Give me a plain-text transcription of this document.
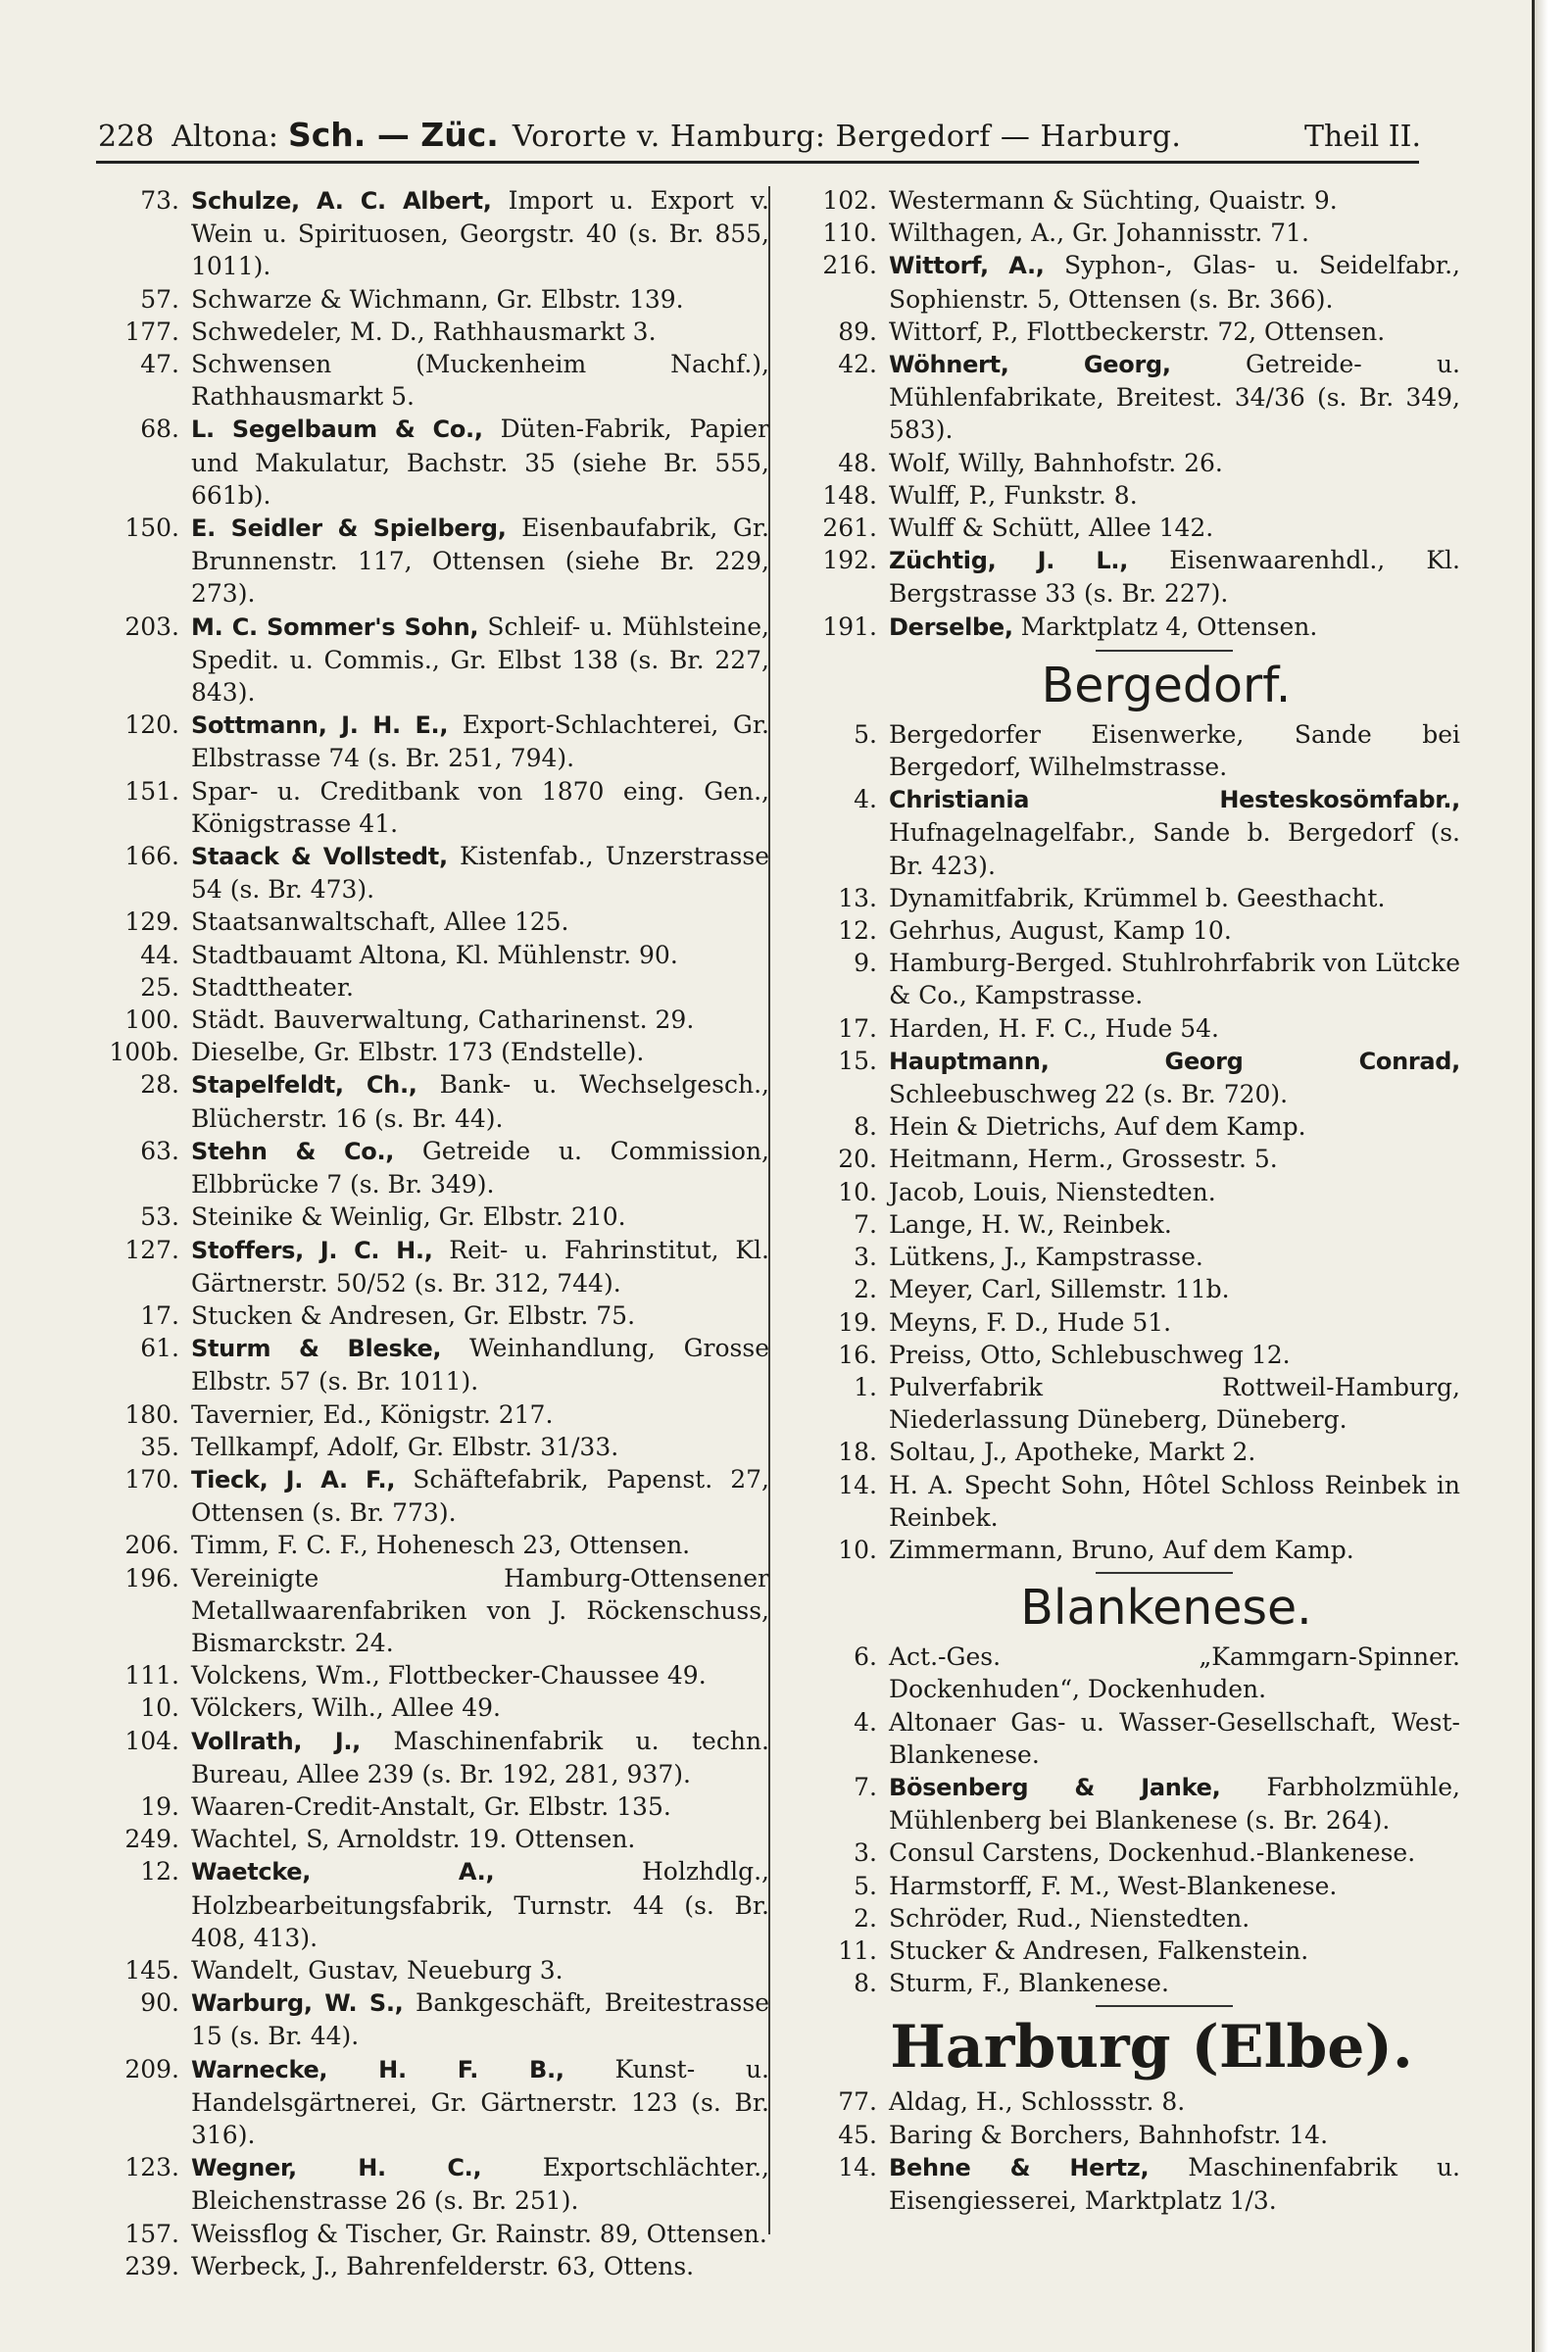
228 Altona: Sch. — Züc. Vororte v. Hamburg: Bergedorf — Harburg.	Theil II.
73. Schulze, A. C. Albert, Import u. Export v. Wein u. Spirituosen, Georgstr. 40 (s. Br. 855, 1011).
57. Schwarze & Wichmann, Gr. Elbstr. 139.
177. Schwedeler, M. D., Rathhausmarkt 3.
47. Schwensen (Muckenheim Nachf.), Rathhausmarkt 5.
68. L. Segelbaum & Co., Düten-Fabrik, Papier und Makulatur, Bachstr. 35 (siehe Br. 555, 661b).
150. E. Seidler & Spielberg, Eisenbaufabrik, Gr. Brunnenstr. 117, Ottensen (siehe Br. 229, 273).
203. M. C. Sommer's Sohn, Schleif- u. Mühlsteine, Spedit. u. Commis., Gr. Elbst 138 (s. Br. 227, 843).
120. Sottmann, J. H. E., Export-Schlachterei, Gr. Elbstrasse 74 (s. Br. 251, 794).
151. Spar- u. Creditbank von 1870 eing. Gen., Königstrasse 41.
166. Staack & Vollstedt, Kistenfab., Unzerstrasse 54 (s. Br. 473).
129. Staatsanwaltschaft, Allee 125.
44. Stadtbauamt Altona, Kl. Mühlenstr. 90.
25. Stadttheater.
100. Städt. Bauverwaltung, Catharinenst. 29.
100b. Dieselbe, Gr. Elbstr. 173 (Endstelle).
28. Stapelfeldt, Ch., Bank- u. Wechselgesch., Blücherstr. 16 (s. Br. 44).
63. Stehn & Co., Getreide u. Commission, Elbbrücke 7 (s. Br. 349).
53. Steinike & Weinlig, Gr. Elbstr. 210.
127. Stoffers, J. C. H., Reit- u. Fahrinstitut, Kl. Gärtnerstr. 50/52 (s. Br. 312, 744).
17. Stucken & Andresen, Gr. Elbstr. 75.
61. Sturm & Bleske, Weinhandlung, Grosse Elbstr. 57 (s. Br. 1011).
180. Tavernier, Ed., Königstr. 217.
35. Tellkampf, Adolf, Gr. Elbstr. 31/33.
170. Tieck, J. A. F., Schäftefabrik, Papenst. 27, Ottensen (s. Br. 773).
206. Timm, F. C. F., Hohenesch 23, Ottensen.
196. Vereinigte Hamburg-Ottensener Metallwaarenfabriken von J. Röckenschuss, Bismarckstr. 24.
111. Volckens, Wm., Flottbecker-Chaussee 49.
10. Völckers, Wilh., Allee 49.
104. Vollrath, J., Maschinenfabrik u. techn. Bureau, Allee 239 (s. Br. 192, 281, 937).
19. Waaren-Credit-Anstalt, Gr. Elbstr. 135.
249. Wachtel, S, Arnoldstr. 19. Ottensen.
12. Waetcke, A.,	Holzhdlg., Holzbearbeitungsfabrik, Turnstr. 44 (s. Br. 408, 413).
145. Wandelt, Gustav, Neueburg 3.
90. Warburg, W. S., Bankgeschäft, Breitestrasse 15 (s. Br. 44).
209. Warnecke, H. F. B., Kunst- u. Handelsgärtnerei, Gr. Gärtnerstr. 123 (s. Br. 316).
123. Wegner, H. C., Exportschlächter., Bleichenstrasse 26 (s. Br. 251).
157. Weissflog & Tischer, Gr. Rainstr. 89, Ottensen.
239. Werbeck, J., Bahrenfelderstr. 63, Ottens.
102. Westermann & Süchting, Quaistr. 9.
110. Wilthagen, A., Gr. Johannisstr. 71.
216. Wittorf, A., Syphon-, Glas- u. Seidelfabr., Sophienstr. 5, Ottensen (s. Br. 366).
89. Wittorf, P., Flottbeckerstr. 72, Ottensen.
42. Wöhnert, Georg,	Getreide- u. Mühlenfabrikate, Breitest. 34/36 (s. Br. 349, 583).
48. Wolf, Willy, Bahnhofstr. 26.
148. Wulff, P., Funkstr. 8.
261. Wulff & Schütt, Allee 142.
192. Züchtig, J. L., Eisenwaarenhdl., Kl. Bergstrasse 33 (s. Br. 227).
191. Derselbe, Marktplatz 4, Ottensen.
Bergedorf.
5. Bergedorfer Eisenwerke, Sande bei Bergedorf, Wilhelmstrasse.
4. Christiania Hesteskosömfabr., Hufnagelnagelfabr., Sande b. Bergedorf (s. Br. 423).
13. Dynamitfabrik, Krümmel b. Geesthacht.
12. Gehrhus, August, Kamp 10.
9. Hamburg-Berged. Stuhlrohrfabrik von Lütcke & Co., Kampstrasse.
17. Harden, H. F. C., Hude 54.
15. Hauptmann, Georg Conrad, Schleebuschweg 22 (s. Br. 720).
8. Hein & Dietrichs, Auf dem Kamp.
20. Heitmann, Herm., Grossestr. 5.
10. Jacob, Louis, Nienstedten.
7. Lange, H. W., Reinbek.
3. Lütkens, J., Kampstrasse.
2. Meyer, Carl, Sillemstr. 11b.
19. Meyns, F. D., Hude 51.
16. Preiss, Otto, Schlebuschweg 12.
1. Pulverfabrik Rottweil-Hamburg, Niederlassung Düneberg, Düneberg.
18. Soltau, J., Apotheke, Markt 2.
14. H. A. Specht Sohn, Hôtel Schloss Reinbek in Reinbek.
10. Zimmermann, Bruno, Auf dem Kamp.
Blankenese.
6. Act.-Ges. „Kammgarn-Spinner. Dockenhuden“, Dockenhuden.
4. Altonaer Gas- u. Wasser-Gesellschaft, West-Blankenese.
7. Bösenberg & Janke, Farbholzmühle, Mühlenberg bei Blankenese (s. Br. 264).
3. Consul Carstens, Dockenhud.-Blankenese.
5. Harmstorff, F. M., West-Blankenese.
2. Schröder, Rud., Nienstedten.
11. Stucker & Andresen, Falkenstein.
8. Sturm, F., Blankenese.
Harburg (Elbe).
77. Aldag, H., Schlossstr. 8.
45. Baring & Borchers, Bahnhofstr. 14.
14. Behne & Hertz, Maschinenfabrik u. Eisengiesserei, Marktplatz 1/3.
